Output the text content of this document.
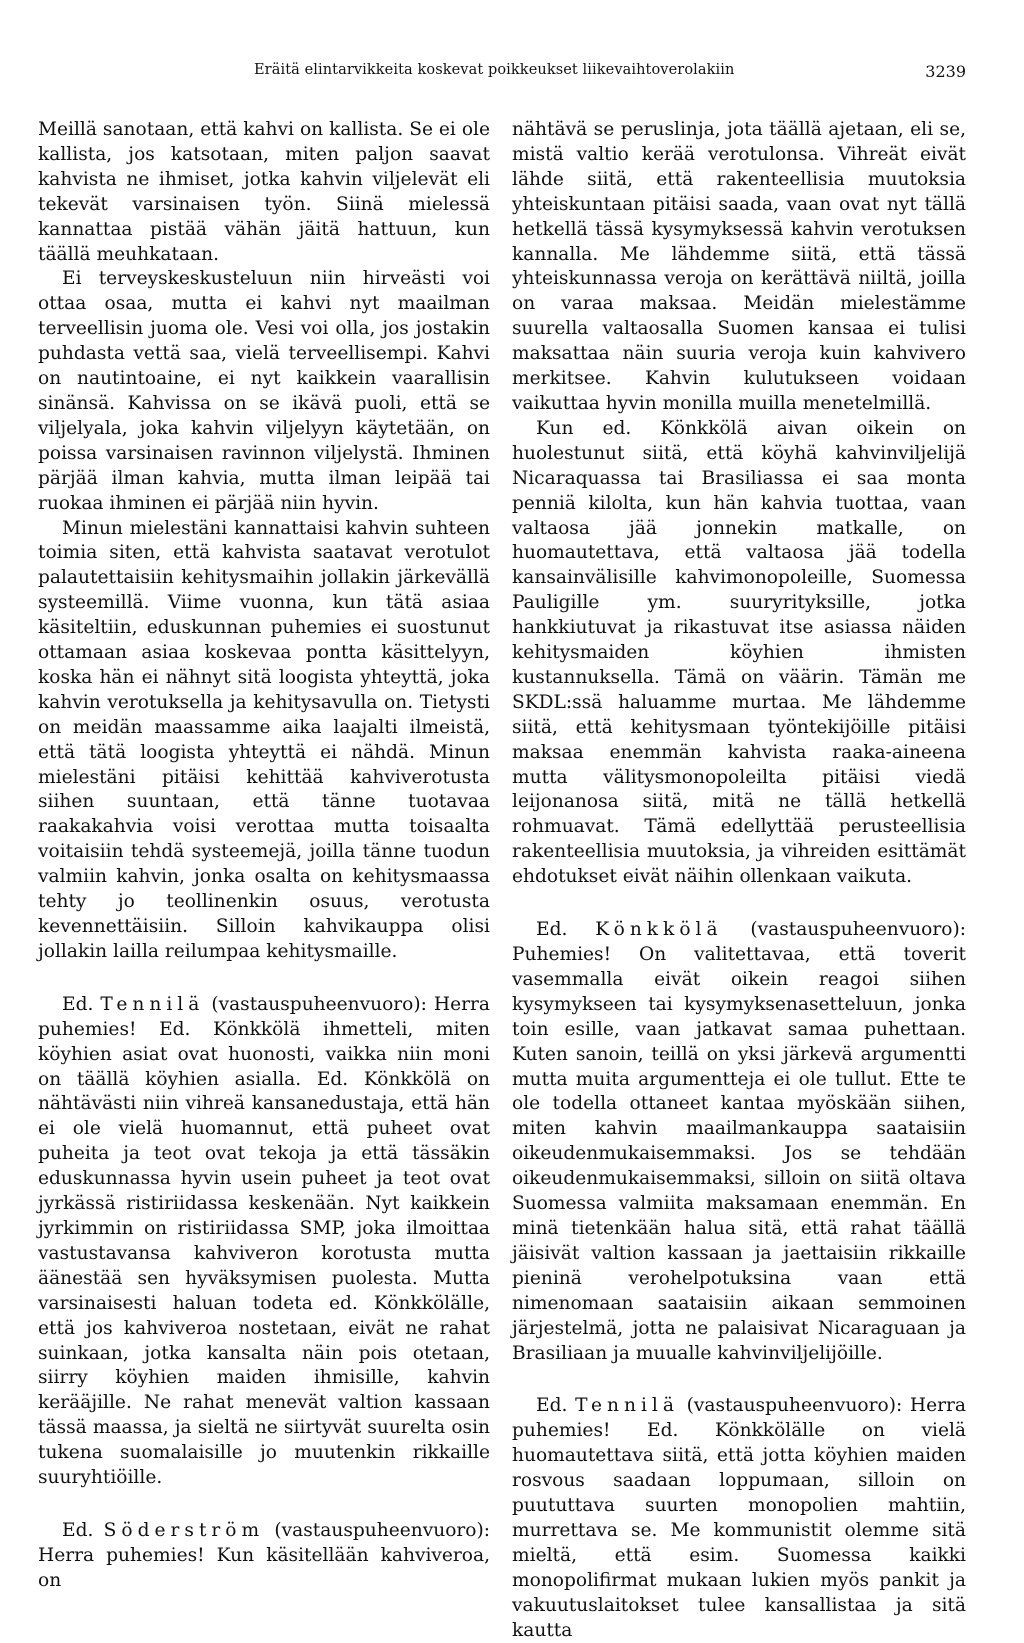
Eräitä elintarvikkeita koskevat poikkeukset liikevaihtoverolakiin	3239

Meillä sanotaan, että kahvi on kallista. Se ei ole kallista, jos katsotaan, miten paljon saavat kahvista ne ihmiset, jotka kahvin viljelevät eli tekevät varsinaisen työn. Siinä mielessä kannattaa pistää vähän jäitä hattuun, kun täällä meuhkataan.

Ei terveyskeskusteluun niin hirveästi voi ottaa osaa, mutta ei kahvi nyt maailman terveellisin juoma ole. Vesi voi olla, jos jostakin puhdasta vettä saa, vielä terveellisempi. Kahvi on nautintoaine, ei nyt kaikkein vaarallisin sinänsä. Kahvissa on se ikävä puoli, että se viljelyala, joka kahvin viljelyyn käytetään, on poissa varsinaisen ravinnon viljelystä. Ihminen pärjää ilman kahvia, mutta ilman leipää tai ruokaa ihminen ei pärjää niin hyvin.

Minun mielestäni kannattaisi kahvin suhteen toimia siten, että kahvista saatavat verotulot palautettaisiin kehitysmaihin jollakin järkevällä systeemillä. Viime vuonna, kun tätä asiaa käsiteltiin, eduskunnan puhemies ei suostunut ottamaan asiaa koskevaa pontta käsittelyyn, koska hän ei nähnyt sitä loogista yhteyttä, joka kahvin verotuksella ja kehitysavulla on. Tietysti on meidän maassamme aika laajalti ilmeistä, että tätä loogista yhteyttä ei nähdä. Minun mielestäni pitäisi kehittää kahviverotusta siihen suuntaan, että tänne tuotavaa raakakahvia voisi verottaa mutta toisaalta voitaisiin tehdä systeemejä, joilla tänne tuodun valmiin kahvin, jonka osalta on kehitysmaassa tehty jo teollinenkin osuus, verotusta kevennettäisiin. Silloin kahvikauppa olisi jollakin lailla reilumpaa kehitysmaille.

Ed. Tennilä (vastauspuheenvuoro): Herra puhemies! Ed. Könkkölä ihmetteli, miten köyhien asiat ovat huonosti, vaikka niin moni on täällä köyhien asialla. Ed. Könkkölä on nähtävästi niin vihreä kansanedustaja, että hän ei ole vielä huomannut, että puheet ovat puheita ja teot ovat tekoja ja että tässäkin eduskunnassa hyvin usein puheet ja teot ovat jyrkässä ristiriidassa keskenään. Nyt kaikkein jyrkimmin on ristiriidassa SMP, joka ilmoittaa vastustavansa kahviveron korotusta mutta äänestää sen hyväksymisen puolesta. Mutta varsinaisesti haluan todeta ed. Könkkölälle, että jos kahviveroa nostetaan, eivät ne rahat suinkaan, jotka kansalta näin pois otetaan, siirry köyhien maiden ihmisille, kahvin kerääjille. Ne rahat menevät valtion kassaan tässä maassa, ja sieltä ne siirtyvät suurelta osin tukena suomalaisille jo muutenkin rikkaille suuryhtiöille.

Ed. Söderström (vastauspuheenvuoro): Herra puhemies! Kun käsitellään kahviveroa, on

nähtävä se peruslinja, jota täällä ajetaan, eli se, mistä valtio kerää verotulonsa. Vihreät eivät lähde siitä, että rakenteellisia muutoksia yhteiskuntaan pitäisi saada, vaan ovat nyt tällä hetkellä tässä kysymyksessä kahvin verotuksen kannalla. Me lähdemme siitä, että tässä yhteiskunnassa veroja on kerättävä niiltä, joilla on varaa maksaa. Meidän mielestämme suurella valtaosalla Suomen kansaa ei tulisi maksattaa näin suuria veroja kuin kahvivero merkitsee. Kahvin kulutukseen voidaan vaikuttaa hyvin monilla muilla menetelmillä.

Kun ed. Könkkölä aivan oikein on huolestunut siitä, että köyhä kahvinviljelijä Nicaraquassa tai Brasiliassa ei saa monta penniä kilolta, kun hän kahvia tuottaa, vaan valtaosa jää jonnekin matkalle, on huomautettava, että valtaosa jää todella kansainvälisille kahvimonopoleille, Suomessa Pauligille ym. suuryrityksille, jotka hankkiutuvat ja rikastuvat itse asiassa näiden kehitysmaiden köyhien ihmisten kustannuksella. Tämä on väärin. Tämän me SKDL:ssä haluamme murtaa. Me lähdemme siitä, että kehitysmaan työntekijöille pitäisi maksaa enemmän kahvista raaka-aineena mutta välitysmonopoleilta pitäisi viedä leijonanosa siitä, mitä ne tällä hetkellä rohmuavat. Tämä edellyttää perusteellisia rakenteellisia muutoksia, ja vihreiden esittämät ehdotukset eivät näihin ollenkaan vaikuta.

Ed. Könkkölä (vastauspuheenvuoro): Puhemies! On valitettavaa, että toverit vasemmalla eivät oikein reagoi siihen kysymykseen tai kysymyksenasetteluun, jonka toin esille, vaan jatkavat samaa puhettaan. Kuten sanoin, teillä on yksi järkevä argumentti mutta muita argumentteja ei ole tullut. Ette te ole todella ottaneet kantaa myöskään siihen, miten kahvin maailmankauppa saataisiin oikeudenmukaisemmaksi. Jos se tehdään oikeudenmukaisemmaksi, silloin on siitä oltava Suomessa valmiita maksamaan enemmän. En minä tietenkään halua sitä, että rahat täällä jäisivät valtion kassaan ja jaettaisiin rikkaille pieninä verohelpotuksina vaan että nimenomaan saataisiin aikaan semmoinen järjestelmä, jotta ne palaisivat Nicaraguaan ja Brasiliaan ja muualle kahvinviljelijöille.

Ed. Tennilä (vastauspuheenvuoro): Herra puhemies! Ed. Könkkölälle on vielä huomautettava siitä, että jotta köyhien maiden rosvous saadaan loppumaan, silloin on puututtava suurten monopolien mahtiin, murrettava se. Me kommunistit olemme sitä mieltä, että esim. Suomessa kaikki monopolifirmat mukaan lukien myös pankit ja vakuutuslaitokset tulee kansallistaa ja sitä kautta
